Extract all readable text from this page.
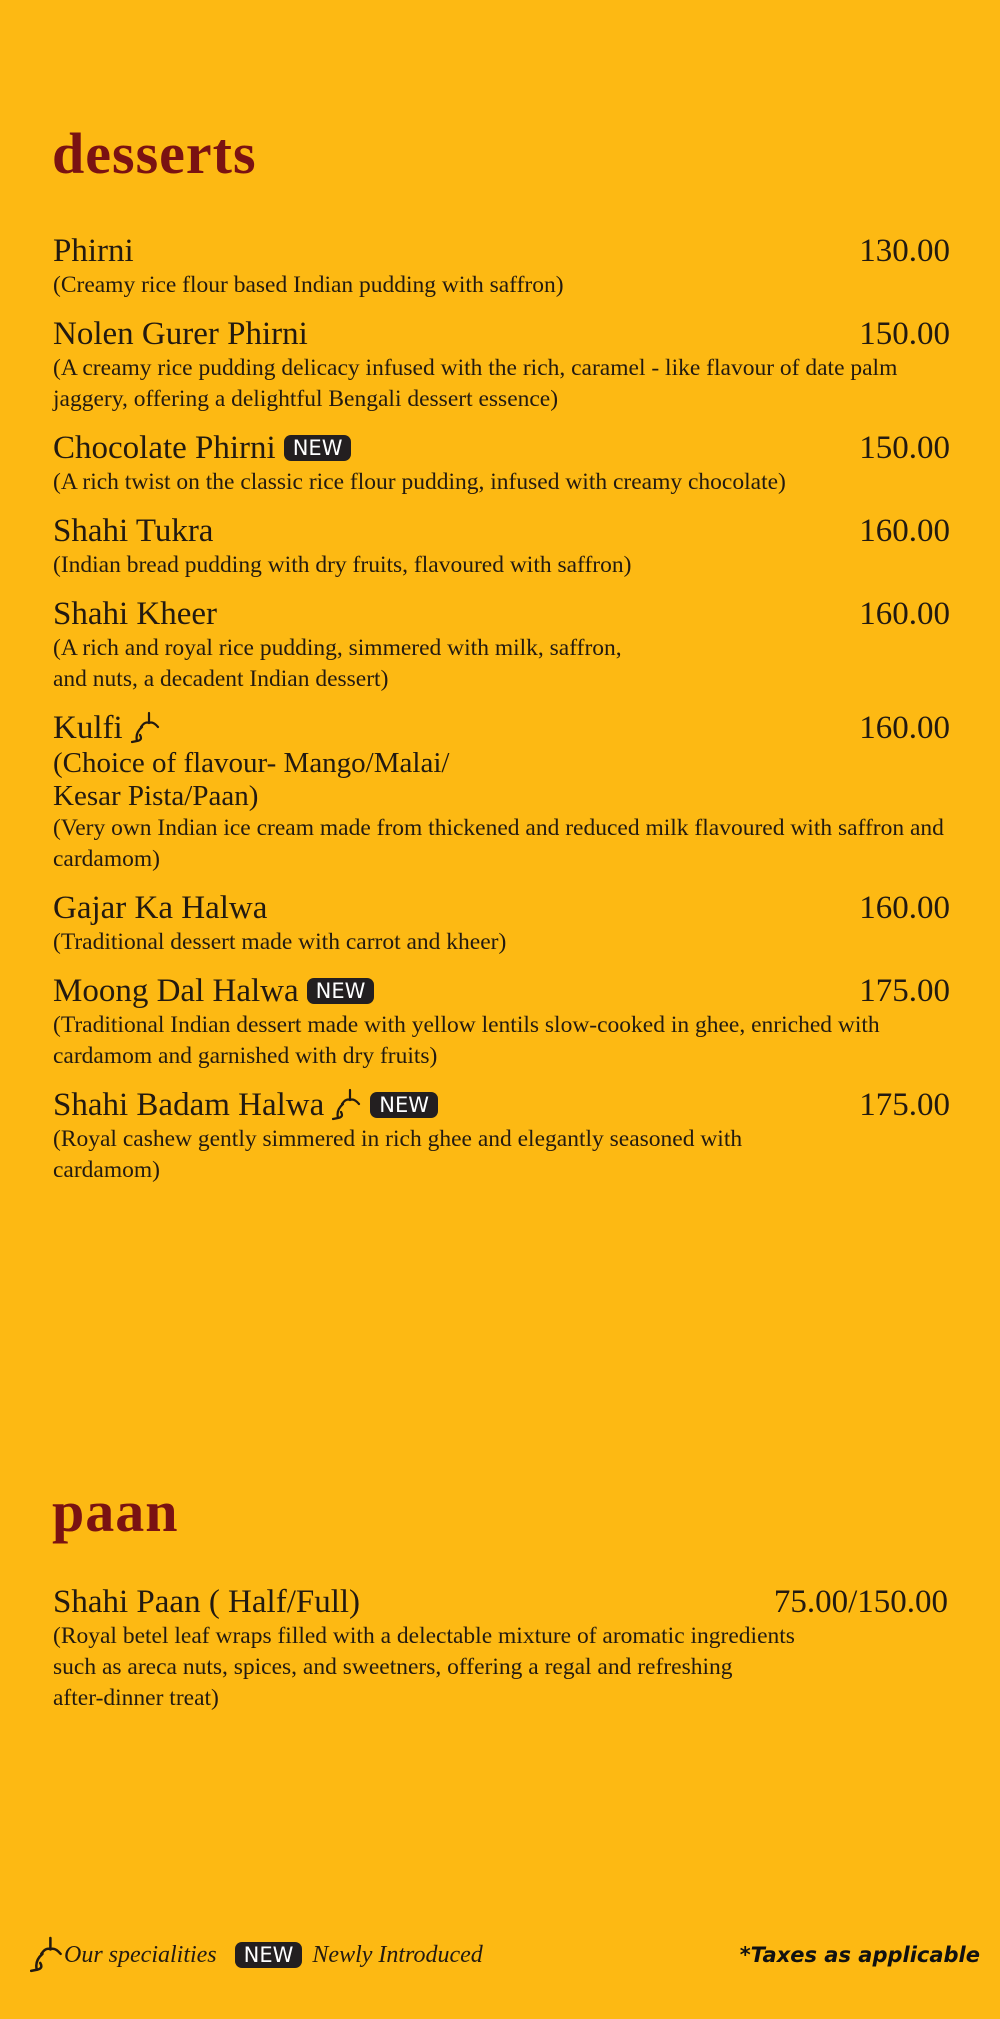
desserts
Phirni	130.00
(Creamy rice flour based Indian pudding with saffron)
Nolen Gurer Phirni	150.00
(A creamy rice pudding delicacy infused with the rich, caramel - like flavour of date palm jaggery, offering a delightful Bengali dessert essence)
Chocolate Phirni NEW	150.00
(A rich twist on the classic rice flour pudding, infused with creamy chocolate)
Shahi Tukra	160.00
(Indian bread pudding with dry fruits, flavoured with saffron)
Shahi Kheer	160.00
(A rich and royal rice pudding, simmered with milk, saffron,
and nuts, a decadent Indian dessert)
Kulfi	160.00
(Choice of flavour- Mango/Malai/
Kesar Pista/Paan)
(Very own Indian ice cream made from thickened and reduced milk flavoured with saffron and cardamom)
Gajar Ka Halwa	160.00
(Traditional dessert made with carrot and kheer)
Moong Dal Halwa NEW	175.00
(Traditional Indian dessert made with yellow lentils slow-cooked in ghee, enriched with cardamom and garnished with dry fruits)
Shahi Badam Halwa	NEW	175.00
(Royal cashew gently simmered in rich ghee and elegantly seasoned with
cardamom)
paan
Shahi Paan ( Half/Full)	75.00/150.00
(Royal betel leaf wraps filled with a delectable mixture of aromatic ingredients
such as areca nuts, spices, and sweetners, offering a regal and refreshing
after-dinner treat)
Our specialities	NEW Newly Introduced	*Taxes as applicable
